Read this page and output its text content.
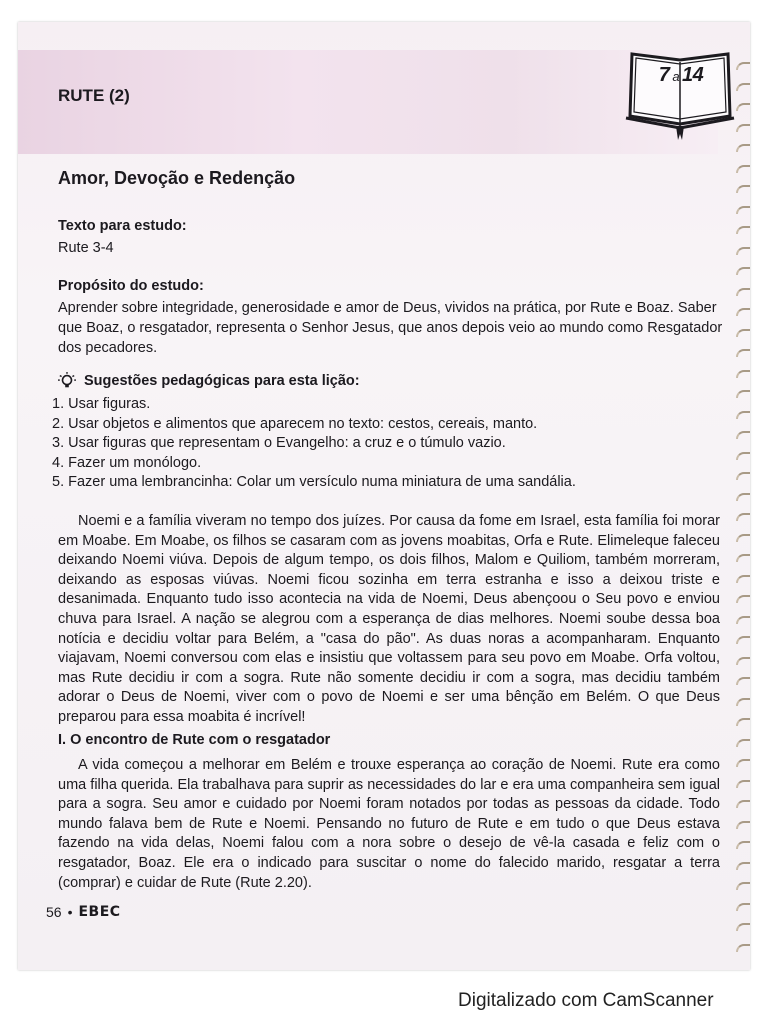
RUTE (2)
7 a 14
Amor, Devoção e Redenção
Texto para estudo:
Rute 3-4
Propósito do estudo:
Aprender sobre integridade, generosidade e amor de Deus, vividos na prática, por Rute e Boaz. Saber que Boaz, o resgatador, representa o Senhor Jesus, que anos depois veio ao mundo como Resgatador dos pecadores.
Sugestões pedagógicas para esta lição:
1. Usar figuras.
2. Usar objetos e alimentos que aparecem no texto: cestos, cereais, manto.
3. Usar figuras que representam o Evangelho: a cruz e o túmulo vazio.
4. Fazer um monólogo.
5. Fazer uma lembrancinha: Colar um versículo numa miniatura de uma sandália.
Noemi e a família viveram no tempo dos juízes. Por causa da fome em Israel, esta família foi morar em Moabe. Em Moabe, os filhos se casaram com as jovens moabitas, Orfa e Rute. Elimeleque faleceu deixando Noemi viúva. Depois de algum tempo, os dois filhos, Malom e Quiliom, também morreram, deixando as esposas viúvas. Noemi ficou sozinha em terra estranha e isso a deixou triste e desanimada. Enquanto tudo isso acontecia na vida de Noemi, Deus abençoou o Seu povo e enviou chuva para Israel. A nação se alegrou com a esperança de dias melhores. Noemi soube dessa boa notícia e decidiu voltar para Belém, a "casa do pão". As duas noras a acompanharam. Enquanto viajavam, Noemi conversou com elas e insistiu que voltassem para seu povo em Moabe. Orfa voltou, mas Rute decidiu ir com a sogra. Rute não somente decidiu ir com a sogra, mas decidiu também adorar o Deus de Noemi, viver com o povo de Noemi e ser uma bênção em Belém. O que Deus preparou para essa moabita é incrível!
I. O encontro de Rute com o resgatador
A vida começou a melhorar em Belém e trouxe esperança ao coração de Noemi. Rute era como uma filha querida. Ela trabalhava para suprir as necessidades do lar e era uma companheira sem igual para a sogra. Seu amor e cuidado por Noemi foram notados por todas as pessoas da cidade. Todo mundo falava bem de Rute e Noemi. Pensando no futuro de Rute e em tudo o que Deus estava fazendo na vida delas, Noemi falou com a nora sobre o desejo de vê-la casada e feliz com o resgatador, Boaz. Ele era o indicado para suscitar o nome do falecido marido, resgatar a terra (comprar) e cuidar de Rute (Rute 2.20).
56 • EBEC
Digitalizado com CamScanner
